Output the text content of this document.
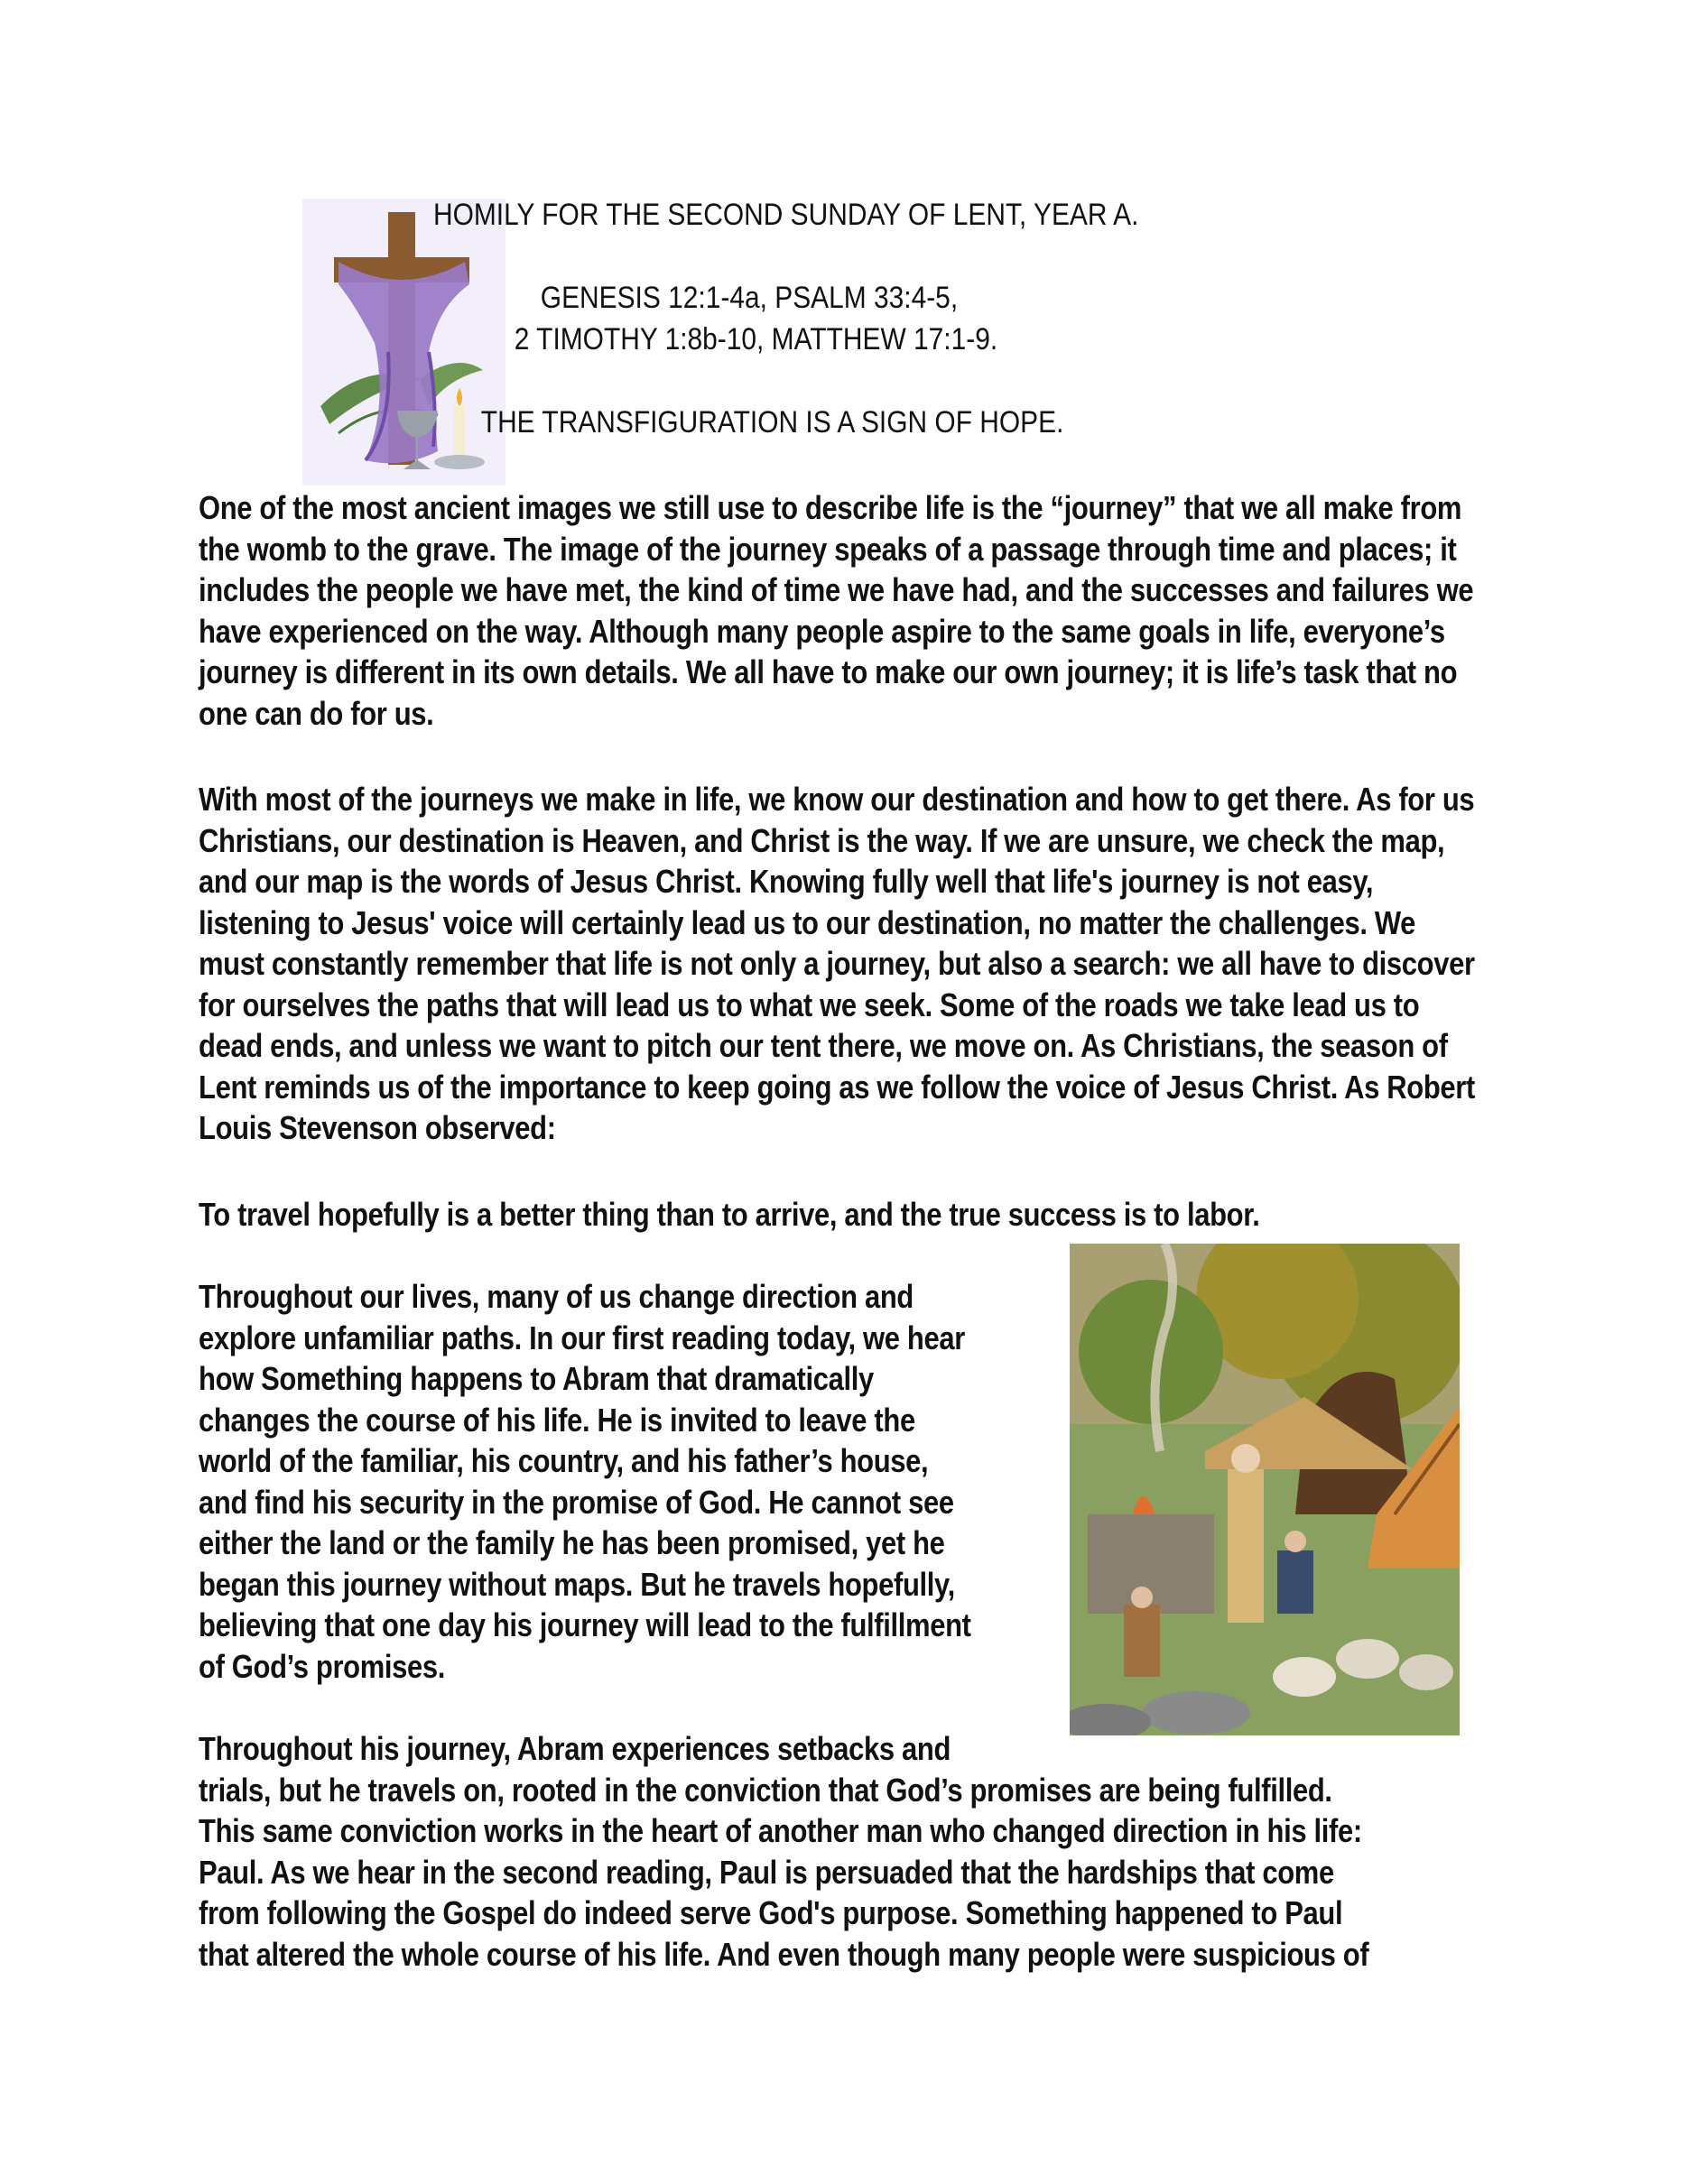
HOMILY FOR THE SECOND SUNDAY OF LENT, YEAR A.
GENESIS 12:1-4a, PSALM 33:4-5,
2 TIMOTHY 1:8b-10, MATTHEW 17:1-9.
THE TRANSFIGURATION IS A SIGN OF HOPE.

One of the most ancient images we still use to describe life is the “journey” that we all make from the womb to the grave. The image of the journey speaks of a passage through time and places; it includes the people we have met, the kind of time we have had, and the successes and failures we have experienced on the way. Although many people aspire to the same goals in life, everyone’s journey is different in its own details. We all have to make our own journey; it is life’s task that no one can do for us.

With most of the journeys we make in life, we know our destination and how to get there. As for us Christians, our destination is Heaven, and Christ is the way. If we are unsure, we check the map, and our map is the words of Jesus Christ. Knowing fully well that life's journey is not easy, listening to Jesus' voice will certainly lead us to our destination, no matter the challenges. We must constantly remember that life is not only a journey, but also a search: we all have to discover for ourselves the paths that will lead us to what we seek. Some of the roads we take lead us to dead ends, and unless we want to pitch our tent there, we move on. As Christians, the season of Lent reminds us of the importance to keep going as we follow the voice of Jesus Christ. As Robert Louis Stevenson observed:

To travel hopefully is a better thing than to arrive, and the true success is to labor.

Throughout our lives, many of us change direction and

explore unfamiliar paths. In our first reading today, we hear

how Something happens to Abram that dramatically

changes the course of his life. He is invited to leave the

world of the familiar, his country, and his father’s house,

and find his security in the promise of God. He cannot see

either the land or the family he has been promised, yet he

began this journey without maps. But he travels hopefully,

believing that one day his journey will lead to the fulfillment

of God’s promises.

Throughout his journey, Abram experiences setbacks and

trials, but he travels on, rooted in the conviction that God’s promises are being fulfilled.

This same conviction works in the heart of another man who changed direction in his life:

Paul. As we hear in the second reading, Paul is persuaded that the hardships that come

from following the Gospel do indeed serve God's purpose. Something happened to Paul

that altered the whole course of his life. And even though many people were suspicious of
